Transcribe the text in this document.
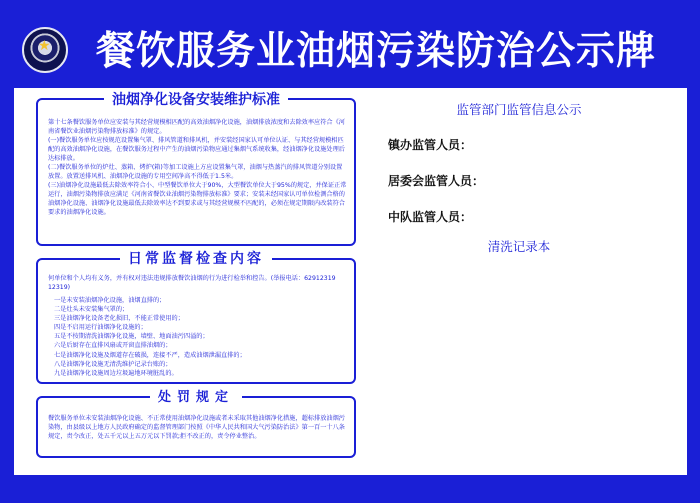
★ 餐饮服务业油烟污染防治公示牌
油烟净化设备安装维护标准

第十七条餐饮服务单位应安装与其经营规模相匹配的高效油烟净化设施，油烟排放浓度和去除效率应符合《河南省餐饮业油烟污染物排放标准》的规定。

(一)餐饮服务单位应按规范设置集气罩、排风管道和排风机，并安装经国家认可单位认证、与其经营规模相匹配的高效油烟净化设施，在餐饮服务过程中产生的油烟污染物应通过集烟气系统收集，经油烟净化设施处理后达标排放。

(二)餐饮服务单位的炉灶、蒸箱、烤炉(箱)等加工设施上方应设置集气罩，油烟与热蒸汽的排风管道分别设置放置。放置送排风机、油烟净化设施的专用空间净高不得低于1.5米。

(三)油烟净化设施最低去除效率符合小、中型餐饮单位大于90%，大型餐饮单位大于95%的规定，并保证正常运行，油烟污染物排放应满足《河南省餐饮业油烟污染物排放标准》要求；安装未经国家认可单位检测合格的油烟净化设施、油烟净化设施最低去除效率达不到要求或与其经营规模不匹配的，必须在规定期限内改装符合要求的油烟净化设施。

日常监督检查内容
何单位和个人均有义务，并有权对违法违规排放餐饮油烟的行为进行检举和控告。(举报电话：62912319　12319)
一是未安装油烟净化设施，油烟直排的；
二是灶头未安装集气罩的；
三是油烟净化设备老化损旧，不能正常使用的；
四是不启用运行油烟净化设施的；
五是不按期清洗油烟净化设施，墙壁、地面油污四溢的；
六是后厨存在直排风扇或开窗直排油烟的；
七是油烟净化设施及烟道存在破损，连接不严，造成油烟泄漏直排的；
八是油烟净化设施无清洗维护记录台账的；
九是油烟净化设施周边垃圾遍地环境脏乱的。
处罚规定
餐饮服务单位未安装油烟净化设施、不正常使用油烟净化设施或者未采取其他油烟净化措施，超标排放油烟污染物，由县级以上地方人民政府确定的监督管理部门按照《中华人民共和国大气污染防治法》第一百一十八条规定，责令改正，处五千元以上五万元以下罚款;拒不改正的，责令停业整治。
监管部门监管信息公示
镇办监管人员：
居委会监管人员：
中队监管人员：
清洗记录本
